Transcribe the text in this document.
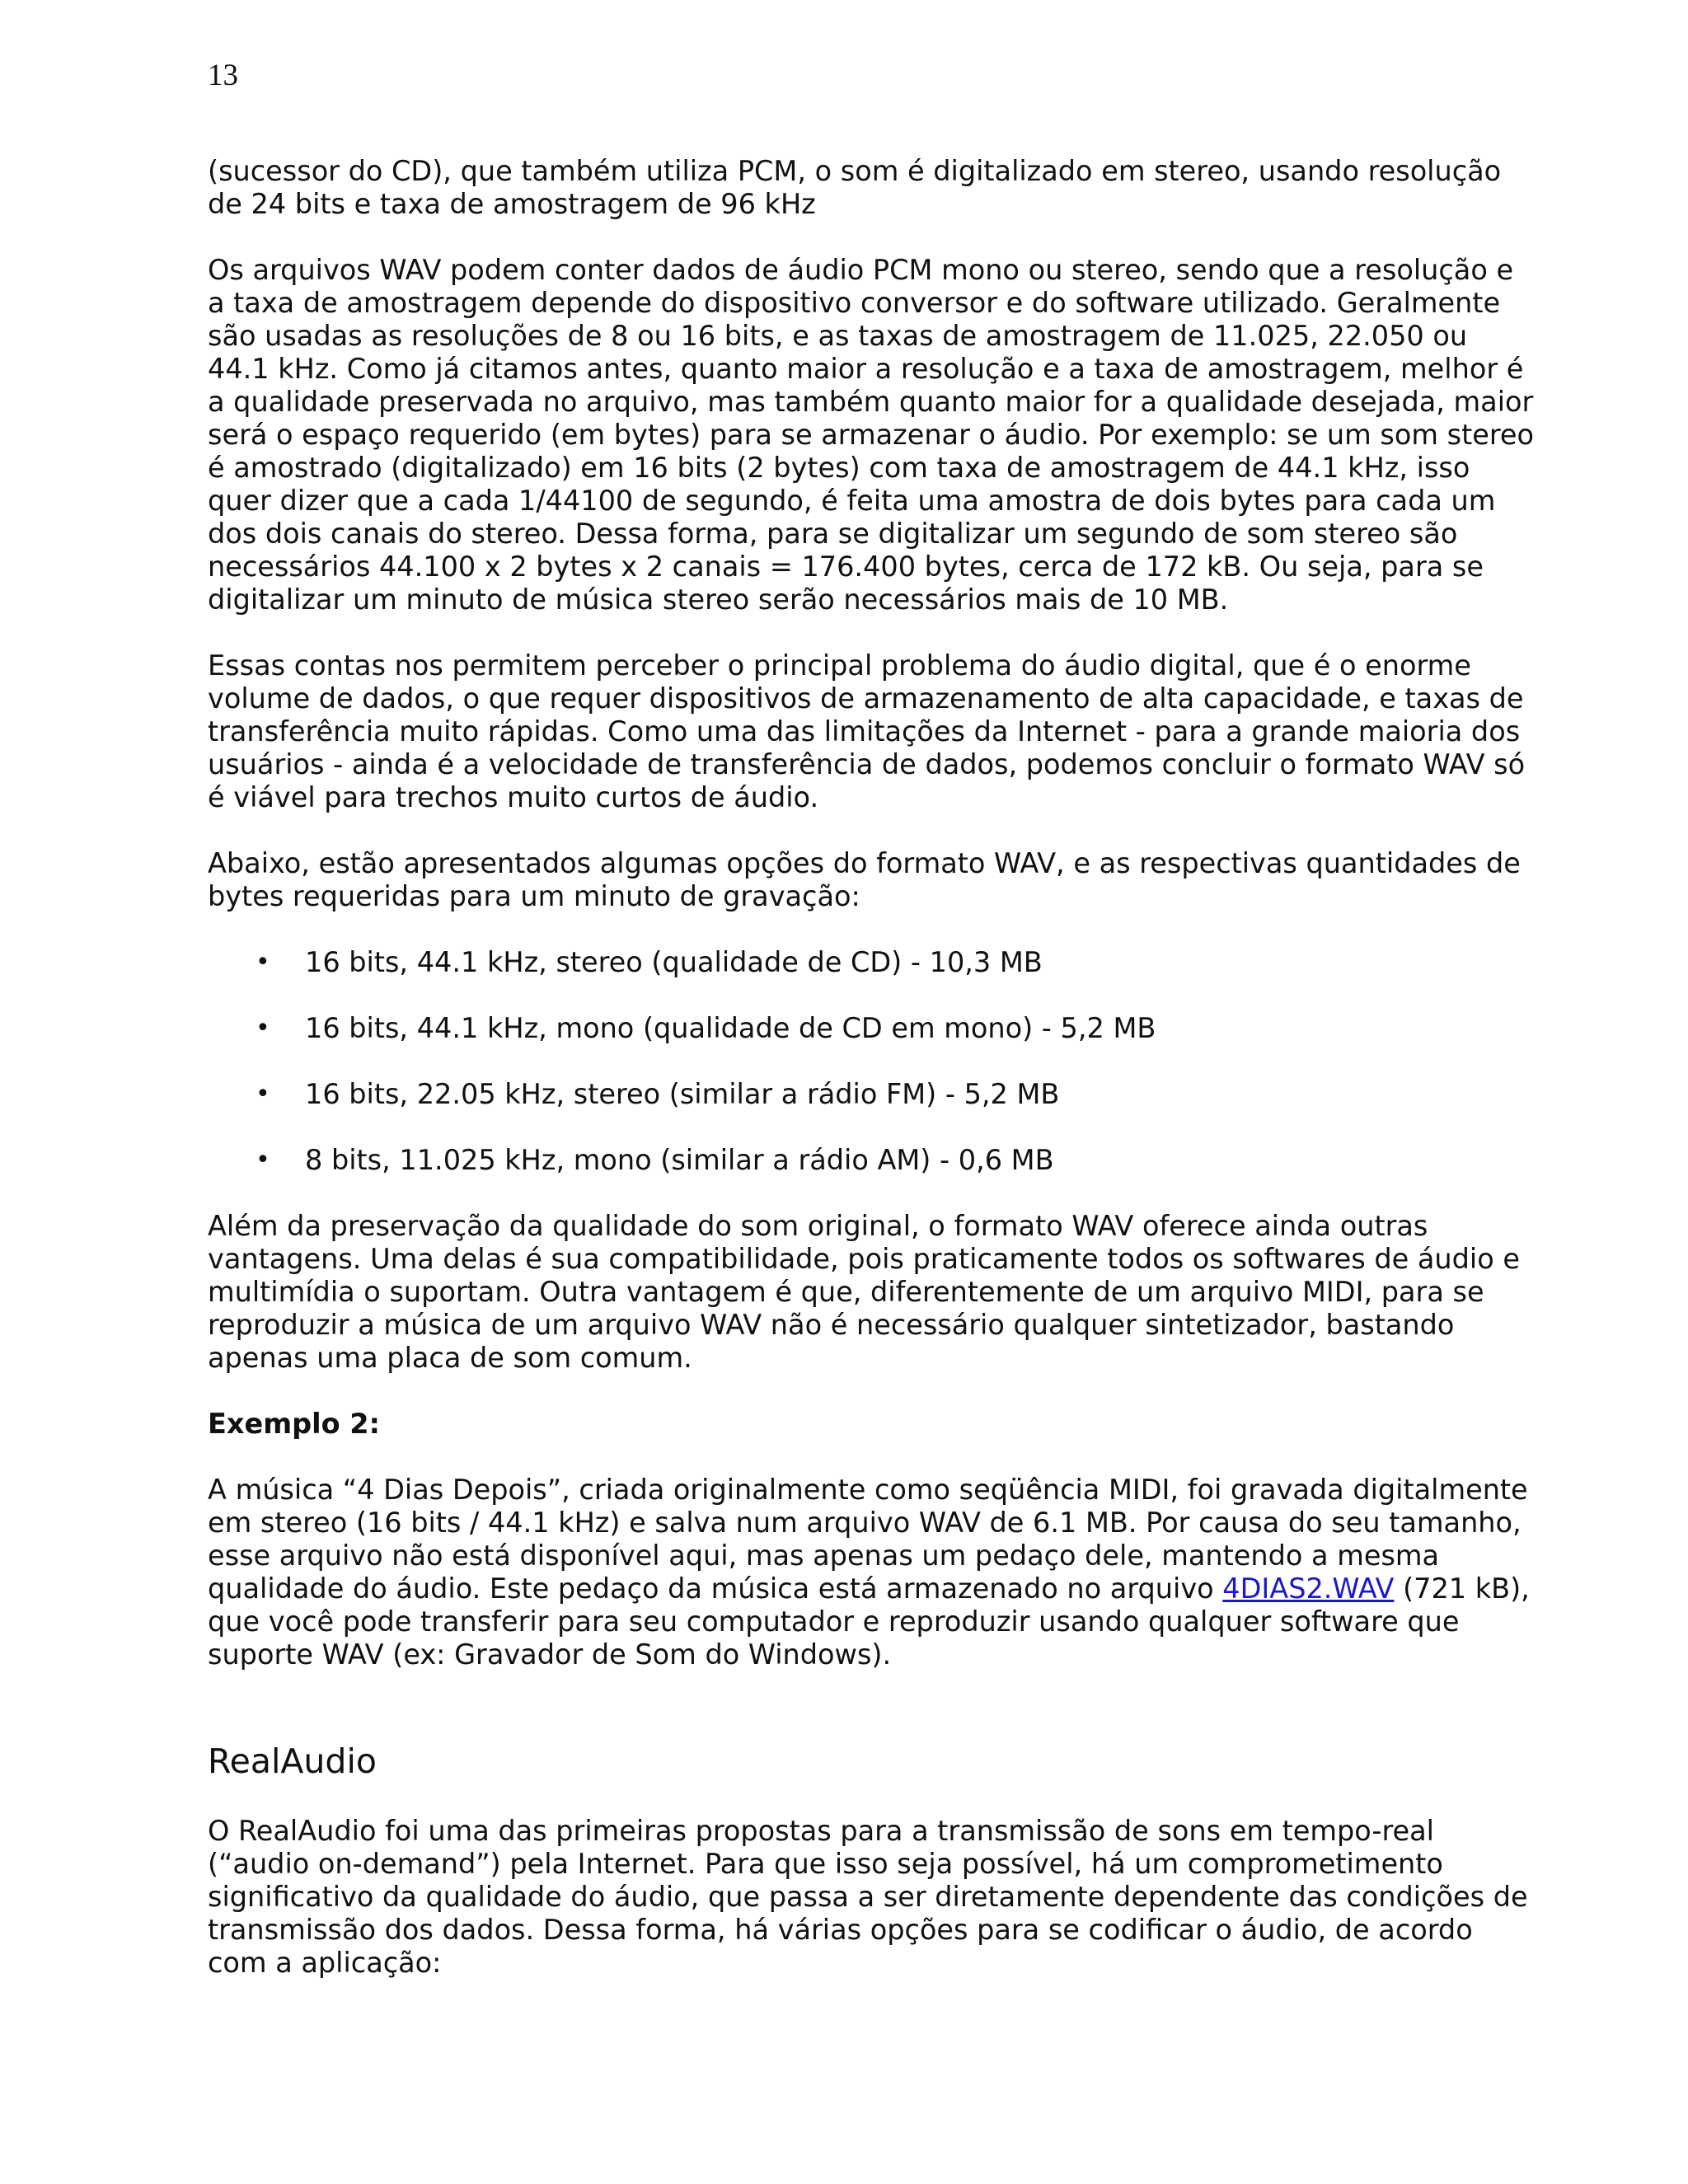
13

(sucessor do CD), que também utiliza PCM, o som é digitalizado em stereo, usando resolução de 24 bits e taxa de amostragem de 96 kHz

Os arquivos WAV podem conter dados de áudio PCM mono ou stereo, sendo que a resolução e a taxa de amostragem depende do dispositivo conversor e do software utilizado. Geralmente são usadas as resoluções de 8 ou 16 bits, e as taxas de amostragem de 11.025, 22.050 ou 44.1 kHz. Como já citamos antes, quanto maior a resolução e a taxa de amostragem, melhor é a qualidade preservada no arquivo, mas também quanto maior for a qualidade desejada, maior será o espaço requerido (em bytes) para se armazenar o áudio. Por exemplo: se um som stereo é amostrado (digitalizado) em 16 bits (2 bytes) com taxa de amostragem de 44.1 kHz, isso quer dizer que a cada 1/44100 de segundo, é feita uma amostra de dois bytes para cada um dos dois canais do stereo. Dessa forma, para se digitalizar um segundo de som stereo são necessários 44.100 x 2 bytes x 2 canais = 176.400 bytes, cerca de 172 kB. Ou seja, para se digitalizar um minuto de música stereo serão necessários mais de 10 MB.

Essas contas nos permitem perceber o principal problema do áudio digital, que é o enorme volume de dados, o que requer dispositivos de armazenamento de alta capacidade, e taxas de transferência muito rápidas. Como uma das limitações da Internet - para a grande maioria dos usuários - ainda é a velocidade de transferência de dados, podemos concluir o formato WAV só é viável para trechos muito curtos de áudio.

Abaixo, estão apresentados algumas opções do formato WAV, e as respectivas quantidades de bytes requeridas para um minuto de gravação:

• 16 bits, 44.1 kHz, stereo (qualidade de CD) - 10,3 MB
• 16 bits, 44.1 kHz, mono (qualidade de CD em mono) - 5,2 MB
• 16 bits, 22.05 kHz, stereo (similar a rádio FM) - 5,2 MB
• 8 bits, 11.025 kHz, mono (similar a rádio AM) - 0,6 MB

Além da preservação da qualidade do som original, o formato WAV oferece ainda outras vantagens. Uma delas é sua compatibilidade, pois praticamente todos os softwares de áudio e multimídia o suportam. Outra vantagem é que, diferentemente de um arquivo MIDI, para se reproduzir a música de um arquivo WAV não é necessário qualquer sintetizador, bastando apenas uma placa de som comum.

Exemplo 2:

A música “4 Dias Depois”, criada originalmente como seqüência MIDI, foi gravada digitalmente em stereo (16 bits / 44.1 kHz) e salva num arquivo WAV de 6.1 MB. Por causa do seu tamanho, esse arquivo não está disponível aqui, mas apenas um pedaço dele, mantendo a mesma qualidade do áudio. Este pedaço da música está armazenado no arquivo 4DIAS2.WAV (721 kB), que você pode transferir para seu computador e reproduzir usando qualquer software que suporte WAV (ex: Gravador de Som do Windows).

RealAudio

O RealAudio foi uma das primeiras propostas para a transmissão de sons em tempo-real (“audio on-demand”) pela Internet. Para que isso seja possível, há um comprometimento significativo da qualidade do áudio, que passa a ser diretamente dependente das condições de transmissão dos dados. Dessa forma, há várias opções para se codificar o áudio, de acordo com a aplicação:
